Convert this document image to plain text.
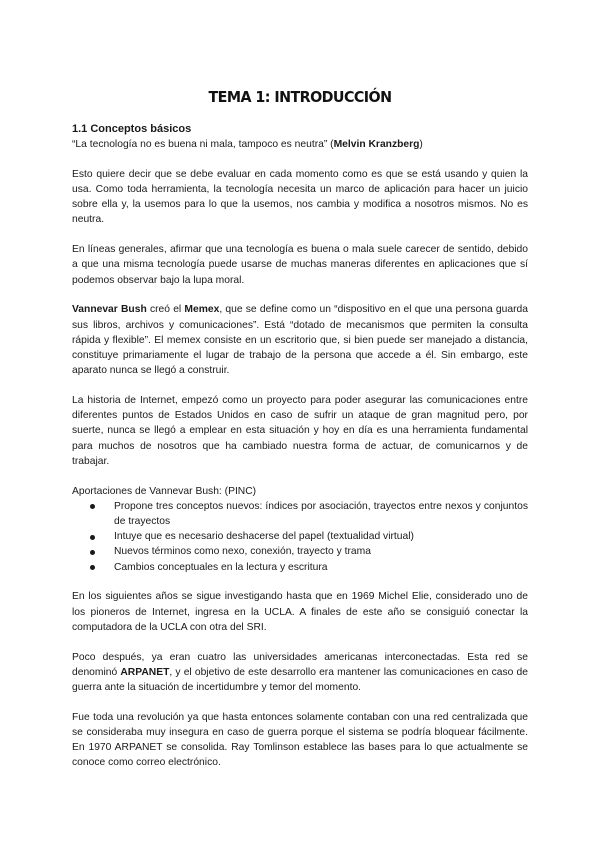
TEMA 1: INTRODUCCIÓN

1.1 Conceptos básicos

“La tecnología no es buena ni mala, tampoco es neutra” (Melvin Kranzberg)

Esto quiere decir que se debe evaluar en cada momento como es que se está usando y quien la usa. Como toda herramienta, la tecnología necesita un marco de aplicación para hacer un juicio sobre ella y, la usemos para lo que la usemos, nos cambia y modifica a nosotros mismos. No es neutra.

En líneas generales, afirmar que una tecnología es buena o mala suele carecer de sentido, debido a que una misma tecnología puede usarse de muchas maneras diferentes en aplicaciones que sí podemos observar bajo la lupa moral.

Vannevar Bush creó el Memex, que se define como un “dispositivo en el que una persona guarda sus libros, archivos y comunicaciones”. Está “dotado de mecanismos que permiten la consulta rápida y flexible”. El memex consiste en un escritorio que, si bien puede ser manejado a distancia, constituye primariamente el lugar de trabajo de la persona que accede a él. Sin embargo, este aparato nunca se llegó a construir.

La historia de Internet, empezó como un proyecto para poder asegurar las comunicaciones entre diferentes puntos de Estados Unidos en caso de sufrir un ataque de gran magnitud pero, por suerte, nunca se llegó a emplear en esta situación y hoy en día es una herramienta fundamental para muchos de nosotros que ha cambiado nuestra forma de actuar, de comunicarnos y de trabajar.

Aportaciones de Vannevar Bush: (PINC)

Propone tres conceptos nuevos: índices por asociación, trayectos entre nexos y conjuntos de trayectos
Intuye que es necesario deshacerse del papel (textualidad virtual)
Nuevos términos como nexo, conexión, trayecto y trama
Cambios conceptuales en la lectura y escritura

En los siguientes años se sigue investigando hasta que en 1969 Michel Elie, considerado uno de los pioneros de Internet, ingresa en la UCLA. A finales de este año se consiguió conectar la computadora de la UCLA con otra del SRI.

Poco después, ya eran cuatro las universidades americanas interconectadas. Esta red se denominó ARPANET, y el objetivo de este desarrollo era mantener las comunicaciones en caso de guerra ante la situación de incertidumbre y temor del momento.

Fue toda una revolución ya que hasta entonces solamente contaban con una red centralizada que se consideraba muy insegura en caso de guerra porque el sistema se podría bloquear fácilmente. En 1970 ARPANET se consolida. Ray Tomlinson establece las bases para lo que actualmente se conoce como correo electrónico.
